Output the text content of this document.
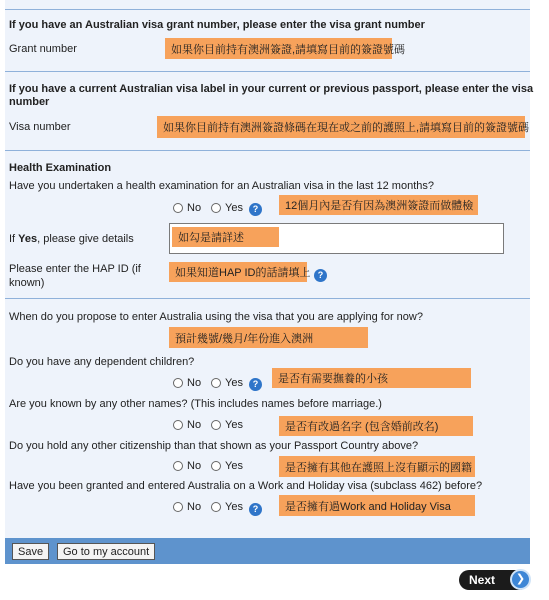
If you have an Australian visa grant number, please enter the visa grant number
Grant number	如果你目前持有澳洲簽證,請填寫目前的簽證號碼
If you have a current Australian visa label in your current or previous passport, please enter the visa
number
Visa number	如果你目前持有澳洲簽證條碼在現在或之前的護照上,請填寫目前的簽證號碼
Health Examination
Have you undertaken a health examination for an Australian visa in the last 12 months?
No Yes	?	12個月內是否有因為澳洲簽證而做體檢
If Yes, please give details	如勾是請詳述
Please enter the HAP ID (if
known)
如果知道HAP ID的話請填上 ?
When do you propose to enter Australia using the visa that you are applying for now?
預計幾號/幾月/年份進入澳洲
Do you have any dependent children?
No Yes	?	是否有需要撫養的小孩
Are you known by any other names? (This includes names before marriage.)
No Yes	是否有改過名字 (包含婚前改名)
Do you hold any other citizenship than that shown as your Passport Country above?
No Yes	是否擁有其他在護照上沒有顯示的國籍
Have you been granted and entered Australia on a Work and Holiday visa (subclass 462) before?
No Yes	?	是否擁有過Work and Holiday Visa
Save	Go to my account
Next	❯
